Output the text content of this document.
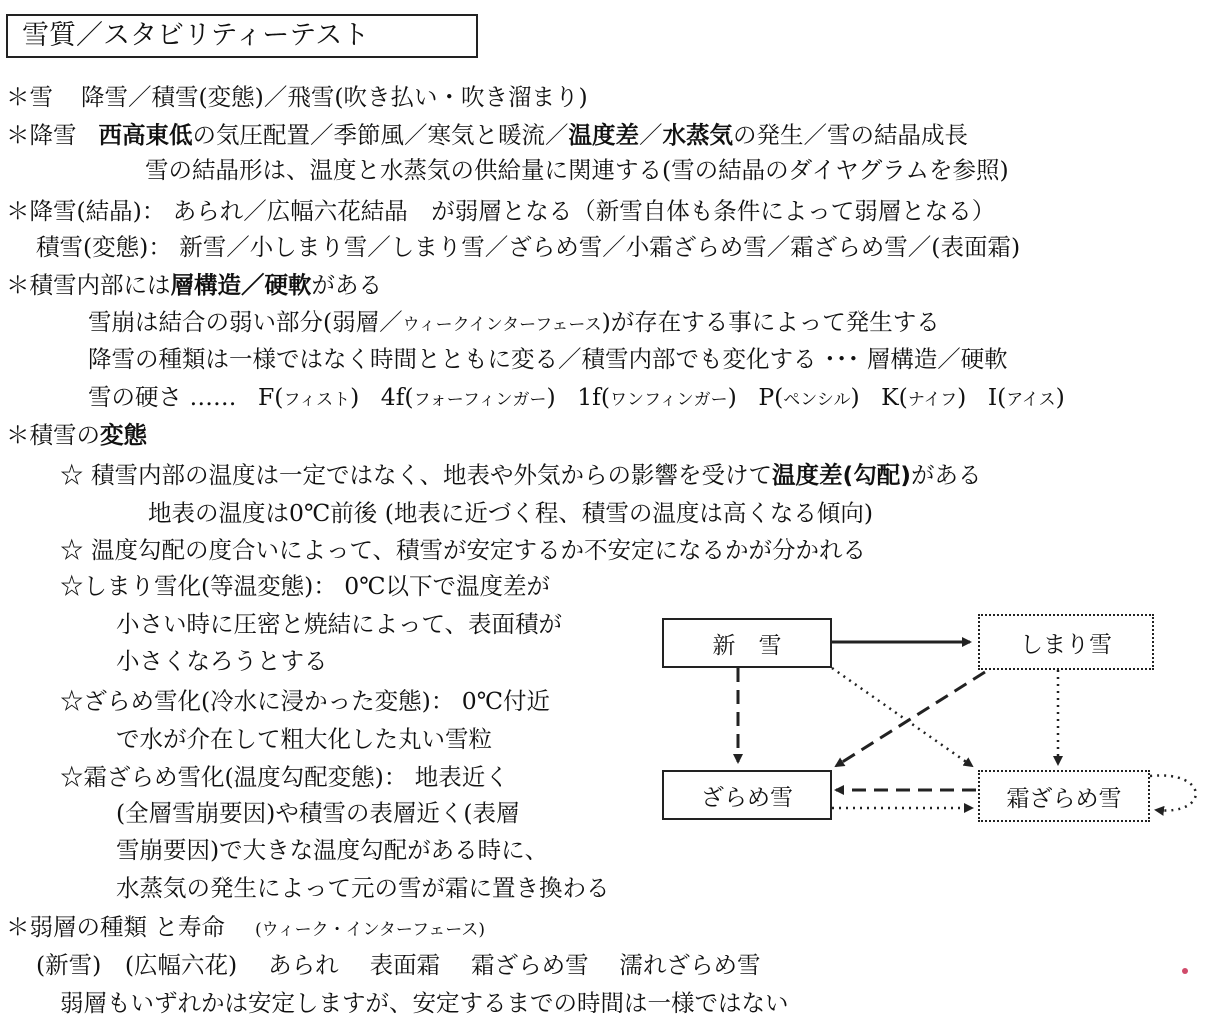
雪質／スタビリティーテスト
＊雪 降雪／積雪(変態)／飛雪(吹き払い・吹き溜まり)
＊降雪 西高東低の気圧配置／季節風／寒気と暖流／温度差／水蒸気の発生／雪の結晶成長
雪の結晶形は、温度と水蒸気の供給量に関連する(雪の結晶のダイヤグラムを参照)
＊降雪(結晶)： あられ／広幅六花結晶　が弱層となる（新雪自体も条件によって弱層となる）
積雪(変態)： 新雪／小しまり雪／しまり雪／ざらめ雪／小霜ざらめ雪／霜ざらめ雪／(表面霜)
＊積雪内部には層構造／硬軟がある
雪崩は結合の弱い部分(弱層／ウィークインターフェース)が存在する事によって発生する
降雪の種類は一様ではなく時間とともに変る／積雪内部でも変化する ･･･ 層構造／硬軟
雪の硬さ …… F(フィスト) 4f(フォーフィンガー) 1f(ワンフィンガー) P(ペンシル) K(ナイフ) I(アイス)
＊積雪の変態
☆ 積雪内部の温度は一定ではなく、地表や外気からの影響を受けて温度差(勾配)がある
地表の温度は0℃前後 (地表に近づく程、積雪の温度は高くなる傾向)
☆ 温度勾配の度合いによって、積雪が安定するか不安定になるかが分かれる
☆しまり雪化(等温変態)： 0℃以下で温度差が
小さい時に圧密と焼結によって、表面積が
小さくなろうとする
☆ざらめ雪化(冷水に浸かった変態)： 0℃付近
で水が介在して粗大化した丸い雪粒
☆霜ざらめ雪化(温度勾配変態)： 地表近く
(全層雪崩要因)や積雪の表層近く(表層
雪崩要因)で大きな温度勾配がある時に、
水蒸気の発生によって元の雪が霜に置き換わる
＊弱層の種類 と寿命 (ウィーク・インターフェース)
(新雪)　(広幅六花)　 あられ　 表面霜　 霜ざらめ雪　 濡れざらめ雪
弱層もいずれかは安定しますが、安定するまでの時間は一様ではない
新　雪	しまり雪
ざらめ雪	霜ざらめ雪
